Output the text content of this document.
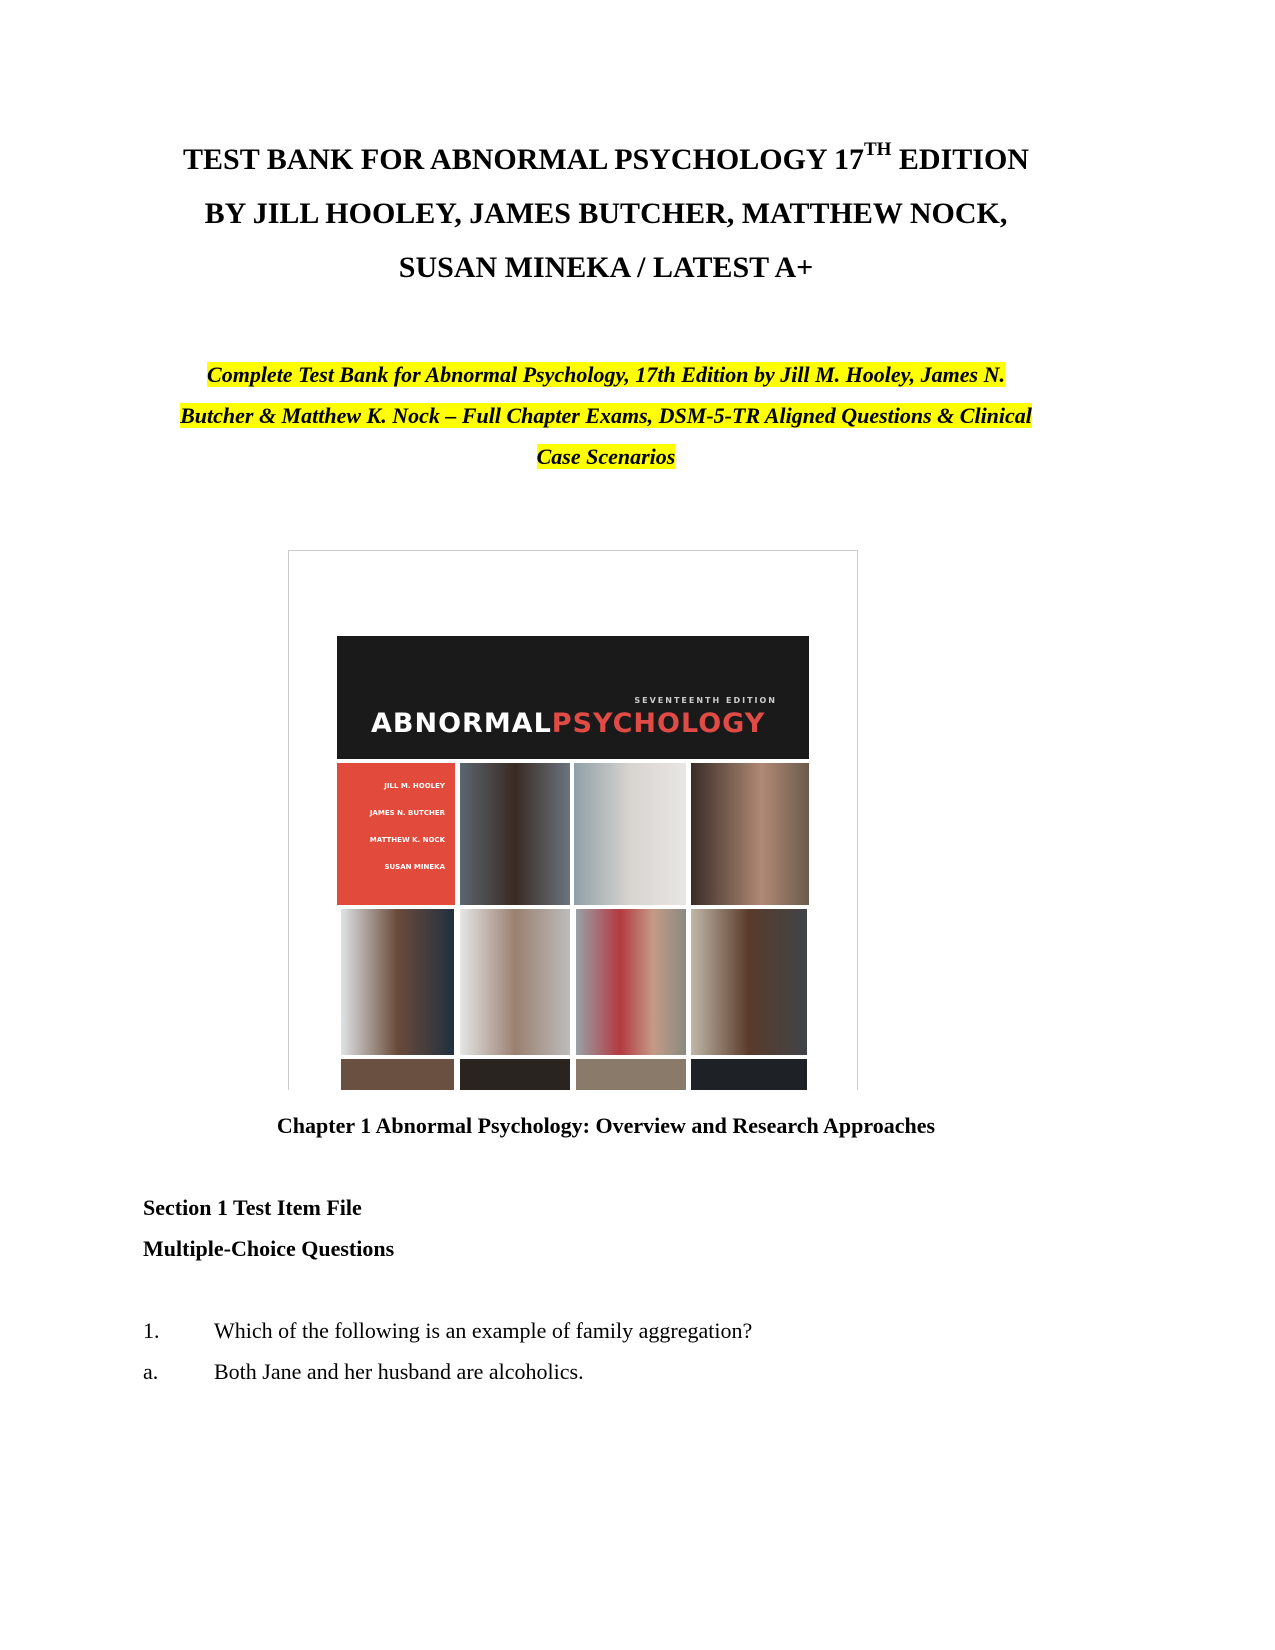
TEST BANK FOR ABNORMAL PSYCHOLOGY 17TH EDITION
BY JILL HOOLEY, JAMES BUTCHER, MATTHEW NOCK,
SUSAN MINEKA / LATEST A+
Complete Test Bank for Abnormal Psychology, 17th Edition by Jill M. Hooley, James N.
Butcher & Matthew K. Nock – Full Chapter Exams, DSM-5-TR Aligned Questions & Clinical
Case Scenarios
SEVENTEENTH EDITION
ABNORMALPSYCHOLOGY
JILL M. HOOLEY
JAMES N. BUTCHER
MATTHEW K. NOCK
SUSAN MINEKA
Chapter 1 Abnormal Psychology: Overview and Research Approaches
Section 1 Test Item File
Multiple-Choice Questions
1. Which of the following is an example of family aggregation?
a.	Both Jane and her husband are alcoholics.
